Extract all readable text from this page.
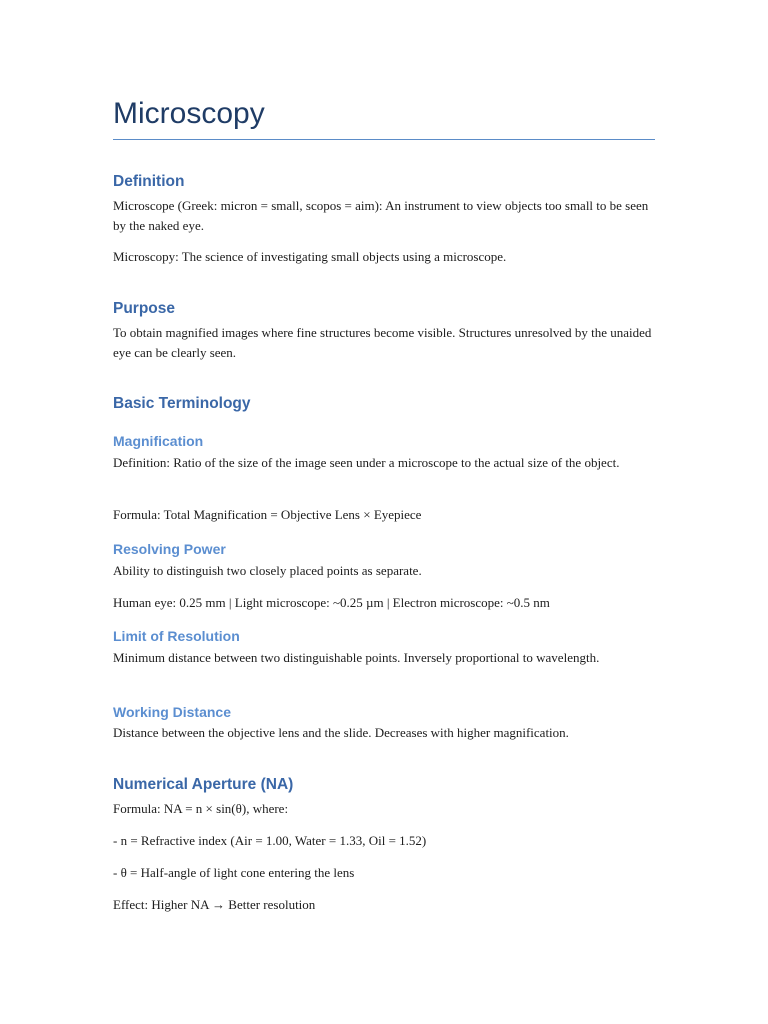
Microscopy
Definition

Microscope (Greek: micron = small, scopos = aim): An instrument to view objects too small to be seen by the naked eye.

Microscopy: The science of investigating small objects using a microscope.

Purpose

To obtain magnified images where fine structures become visible. Structures unresolved by the unaided eye can be clearly seen.

Basic Terminology
Magnification

Definition: Ratio of the size of the image seen under a microscope to the actual size of the object.

Formula: Total Magnification = Objective Lens × Eyepiece

Resolving Power

Ability to distinguish two closely placed points as separate.

Human eye: 0.25 mm | Light microscope: ~0.25 µm | Electron microscope: ~0.5 nm

Limit of Resolution

Minimum distance between two distinguishable points. Inversely proportional to wavelength.

Working Distance

Distance between the objective lens and the slide. Decreases with higher magnification.

Numerical Aperture (NA)

Formula: NA = n × sin(θ), where:

- n = Refractive index (Air = 1.00, Water = 1.33, Oil = 1.52)

- θ = Half-angle of light cone entering the lens

Effect: Higher NA → Better resolution
